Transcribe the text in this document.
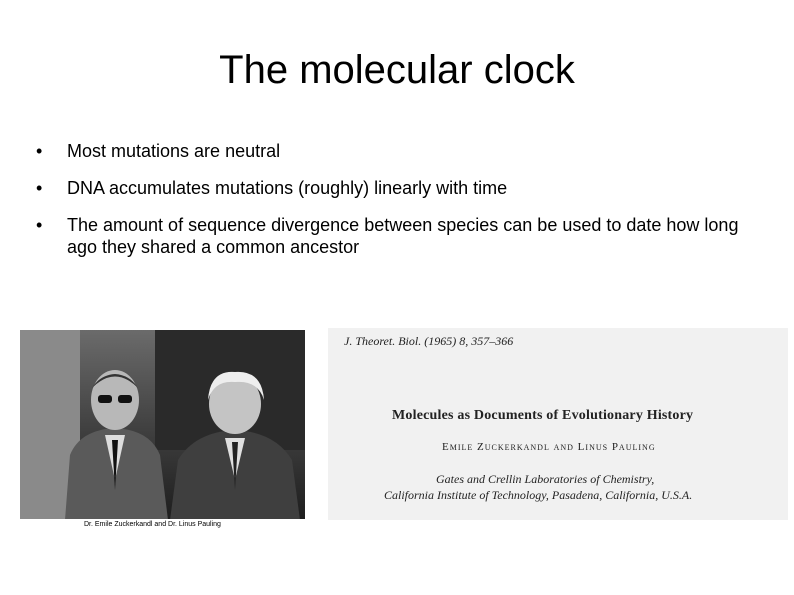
The molecular clock
• Most mutations are neutral
• DNA accumulates mutations (roughly) linearly with time
• The amount of sequence divergence between species can be used to date how long ago they shared a common ancestor
Dr. Emile Zuckerkandl and Dr. Linus Pauling
J. Theoret. Biol. (1965) 8, 357–366
Molecules as Documents of Evolutionary History
Emile Zuckerkandl and Linus Pauling
Gates and Crellin Laboratories of Chemistry,
California Institute of Technology, Pasadena, California, U.S.A.
